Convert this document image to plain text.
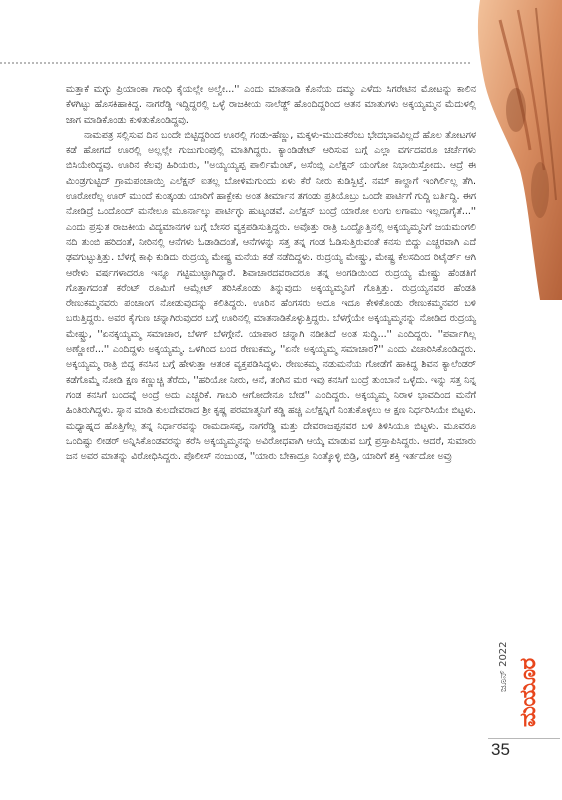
ಮತ್ತಾಕೆ ಮಗ್ಳು ಪ್ರಿಯಾಂಕಾ ಗಾಂಧಿ ಕೈಯಲ್ಲೇ ಅಲ್ವೇ...'' ಎಂದು ಮಾತನಾಡಿ ಕೊನೆಯ ದಮ್ಮು ಎಳೆದು ಸಿಗರೇಟಿನ ಮೋಟನ್ನು ಕಾಲಿನ ಕೆಳಗಿಟ್ಟು ಹೊಸಕಿಹಾಕಿದ್ದ. ನಾಗರೆಡ್ಡಿ ಇದ್ದಿದ್ದರಲ್ಲಿ ಒಳ್ಳೆ ರಾಜಕೀಯ ನಾಲೆಡ್ಜ್ ಹೊಂದಿದ್ದರಿಂದ ಆತನ ಮಾತುಗಳು ಅಕ್ಕಯ್ಯಮ್ಮನ ಮೆದುಳಲ್ಲಿ ಜಾಗ ಮಾಡಿಕೊಂಡು ಕುಳಿತುಕೊಂಡಿದ್ದವು.

ನಾಮಪತ್ರ ಸಲ್ಲಿಸುವ ದಿನ ಬಂದೇ ಬಿಟ್ಟಿದ್ದರಿಂದ ಊರಲ್ಲಿ ಗಂಡು-ಹೆಣ್ಣು, ಮಕ್ಕಳು-ಮುದುಕರೆಂಬ ಭೇದಭಾವವಿಲ್ಲದೆ ಹೊಲ ತೋಟಗಳ ಕಡೆ ಹೋಗದೆ ಊರಲ್ಲಿ ಅಲ್ಲಲ್ಲೇ ಗುಜುಗುಂಪುಲ್ಲಿ ಮಾತಿಗಿದ್ದರು. ಕ್ಯಾಂಡಿಡೇಟ್ ಆರಿಸುವ ಬಗ್ಗೆ ಎಲ್ಲಾ ವರ್ಗದವರೂ ಚರ್ಚೆಗಳು ಬಿಸಿಯೇರಿದ್ದವು. ಊರಿನ ಕೆಲವು ಹಿರಿಯರು, ''ಅಯ್ಯಯ್ಯಪ್ಪ ಪಾರ್ಲಿಮೆಂಟ್, ಅಸೆಂಬ್ಲಿ ಎಲೆಕ್ಷನ್ ಯಂಗೋ ನಿಭಾಯಿಸ್ತೋದು. ಆದ್ರೆ ಈ ಮಿಂಡ್ರಗುಟ್ಟಿದ್ ಗ್ರಾಮಪಂಚಾಯ್ತಿ ಎಲೆಕ್ಷನ್ ಐತಲ್ಲ ಬೋಳಿಮಗುಂದು ಏಳು ಕೆರೆ ನೀರು ಕುಡಿಸ್ಬಿಟ್ತೆ. ನಮ್ ಕಾಲ್ದಾಗೆ ಇಂಗಿರ್ಲಿಲ್ಲ ತೆಗಿ. ಊರೋರೆಲ್ಲ ಊರ್ ಮುಂದೆ ಕುಂತ್ಕಂಡು ಯಾರಿಗೆ ಹಾಕ್ಬೇಕು ಅಂತ ತೀರ್ಮಾನ ತಗಂಡು ಪ್ರತಿಯೊಬ್ರು ಒಂದೇ ಪಾರ್ಟಿಗೆ ಗುದ್ದಿ ಬರ್ತಿದ್ದಿ. ಈಗ ನೋಡಿದ್ರೆ ಒಂದೊಂದ್ ಮನೇಲೂ ಮೂರ್ನಾಲ್ಕು ಪಾರ್ಟಿಗ್ಳು ಹುಟ್ಕಂಡವೆ. ಎಲೆಕ್ಷನ್ ಬಂದ್ರೆ ಯಾರೋ ಲಂಗು ಲಗಾಮು ಇಲ್ಲದಾಗೈತೆ...'' ಎಂದು ಪ್ರಸ್ತುತ ರಾಜಕೀಯ ವಿದ್ಯಮಾನಗಳ ಬಗ್ಗೆ ಬೇಸರ ವ್ಯಕ್ತಪಡಿಸುತ್ತಿದ್ದರು. ಅವೊತ್ತು ರಾತ್ರಿ ಒಂದ್ಹೊತ್ತಿನಲ್ಲಿ ಅಕ್ಕಯ್ಯಮ್ಮನಿಗೆ ಜಯಮಂಗಲಿ ನದಿ ತುಂಬಿ ಹರಿದಂತೆ, ನೀರಿನಲ್ಲಿ ಆನೆಗಳು ಓಡಾಡಿದಂತೆ, ಆನೆಗಳನ್ನು ಸತ್ತ ತನ್ನ ಗಂಡ ಓಡಿಸುತ್ತಿರುವಂತೆ ಕನಸು ಬಿದ್ದು ಎಚ್ಚರವಾಗಿ ಎದೆ ಢವಗುಟ್ಟುತ್ತಿತ್ತು. ಬೆಳಗ್ಗೆ ಕಾಫಿ ಕುಡಿದು ರುದ್ರಯ್ಯ ಮೇಷ್ಟ್ರ ಮನೆಯ ಕಡೆ ನಡೆದಿದ್ದಳು. ರುದ್ರಯ್ಯ ಮೇಷ್ಟ್ರು, ಮೇಷ್ಟ್ರ ಕೆಲಸದಿಂದ ರಿಟೈರ್ಡ್ ಆಗಿ ಆರೇಳು ವರ್ಷಗಳಾದರೂ ಇನ್ನೂ ಗಟ್ಟಿಮುಟ್ಟಾಗಿದ್ದಾರೆ. ಶಿವಾಚಾರದವರಾದರೂ ತನ್ನ ಅಂಗಡಿಯಿಂದ ರುದ್ರಯ್ಯ ಮೇಷ್ಟ್ರು ಹೆಂಡತಿಗೆ ಗೊತ್ತಾಗದಂತೆ ಕರೆಂಟ್ ರೂಮಿಗೆ ಆಮ್ಲೇಟ್ ತರಿಸಿಕೊಂಡು ತಿನ್ನುವುದು ಅಕ್ಕಯ್ಯಮ್ಮನಿಗೆ ಗೊತ್ತಿತ್ತು. ರುದ್ರಯ್ಯನವರ ಹೆಂಡತಿ ರೇಣುಕಮ್ಮನವರು ಪಂಚಾಂಗ ನೋಡುವುದನ್ನು ಕಲಿತಿದ್ದರು. ಊರಿನ ಹೆಂಗಸರು ಅದೂ ಇದೂ ಕೇಳಿಕೊಂಡು ರೇಣುಕಮ್ಮನವರ ಬಳಿ ಬರುತ್ತಿದ್ದರು. ಅವರ ಕೈಗುಣ ಚನ್ನಾಗಿರುವುದರ ಬಗ್ಗೆ ಊರಿನಲ್ಲಿ ಮಾತನಾಡಿಕೊಳ್ಳುತ್ತಿದ್ದರು. ಬೆಳಗ್ಗೆಯೇ ಅಕ್ಕಯ್ಯಮ್ಮನನ್ನು ನೋಡಿದ ರುದ್ರಯ್ಯ ಮೇಷ್ಟ್ರು, ''ಏನಕ್ಕಯ್ಯಮ್ಮ ಸಮಾಚಾರ, ಬೆಳಗ್ ಬೆಳಗ್ಗೇನೆ. ಯಾಪಾರ ಚನ್ನಾಗಿ ನಡೀತಿದೆ ಅಂತ ಸುದ್ದಿ...'' ಎಂದಿದ್ದರು. ''ಪರ್ವಾಗಿಲ್ಲ ಅಣ್ಣೋರೆ...'' ಎಂದಿದ್ದಳು ಅಕ್ಕಯ್ಯಮ್ಮ. ಒಳಗಿಂದ ಬಂದ ರೇಣುಕಮ್ಮ, ''ಏನೇ ಅಕ್ಕಯ್ಯಮ್ಮ ಸಮಾಚಾರ?'' ಎಂದು ವಿಚಾರಿಸಿಕೊಂಡಿದ್ದರು. ಅಕ್ಕಯ್ಯಮ್ಮ ರಾತ್ರಿ ಬಿದ್ದ ಕನಸಿನ ಬಗ್ಗೆ ಹೇಳುತ್ತಾ ಆತಂಕ ವ್ಯಕ್ತಪಡಿಸಿದ್ದಳು. ರೇಣುಕಮ್ಮ ನಡುಮನೆಯ ಗೋಡೆಗೆ ಹಾಕಿದ್ದ ಶಿವನ ಕ್ಯಾಲೆಂಡರ್ ಕಡೆಗೊಮ್ಮೆ ನೋಡಿ ಕ್ಷಣ ಕಣ್ಣುಚ್ಚಿ ತೆರೆದು, ''ಹರಿಯೋ ನೀರು, ಆನೆ, ತಂಗಿನ ಮರ ಇವು ಕನಸಿಗೆ ಬಂದ್ರೆ ತುಂಬಾನೆ ಒಳ್ಳೆದು. ಇನ್ನು ಸತ್ತ ನಿನ್ನ ಗಂಡ ಕನಸಿಗೆ ಬಂದವ್ನೆ ಅಂದ್ರೆ ಅದು ಎಚ್ಚರಿಕೆ. ಗಾಬರಿ ಆಗೋದೇನೂ ಬೇಡ'' ಎಂದಿದ್ದರು. ಅಕ್ಕಯ್ಯಮ್ಮ ನಿರಾಳ ಭಾವದಿಂದ ಮನೆಗೆ ಹಿಂತಿರುಗಿದ್ದಳು. ಸ್ನಾನ ಮಾಡಿ ಕುಲದೇವರಾದ ಶ್ರೀ ಕೃಷ್ಣ ಪರಮಾತ್ಮನಿಗೆ ಕಡ್ಡಿ ಹಚ್ಚಿ ಎಲೆಕ್ಷನ್ನಿಗೆ ನಿಂತುಕೊಳ್ಳಲು ಆ ಕ್ಷಣ ನಿರ್ಧರಿಸಿಯೇ ಬಿಟ್ಟಳು. ಮಧ್ಯಾಹ್ನದ ಹೊತ್ತಿಗೆಲ್ಲ ತನ್ನ ನಿರ್ಧಾರವನ್ನು ರಾಮದಾಸಪ್ಪ, ನಾಗರೆಡ್ಡಿ ಮತ್ತು ದೇವರಾಜಪ್ಪನವರ ಬಳಿ ತಿಳಿಸಿಯೂ ಬಿಟ್ಟಳು. ಮೂವರೂ ಒಂದಿಷ್ಟು ಲೀಡರ್ ಅನ್ನಿಸಿಕೊಂಡವರನ್ನು ಕರೆಸಿ ಅಕ್ಕಯ್ಯಮ್ಮನನ್ನು ಅವಿರೋಧವಾಗಿ ಆಯ್ಕೆ ಮಾಡುವ ಬಗ್ಗೆ ಪ್ರಸ್ತಾಪಿಸಿದ್ದರು. ಆದರೆ, ಸುಮಾರು ಜನ ಅವರ ಮಾತನ್ನು ವಿರೋಧಿಸಿದ್ದರು. ಪೊಲೀಸ್ ನಂಜುಂಡ, ''ಯಾರು ಬೇಕಾದ್ರೂ ನಿಂತ್ಕೊಳ್ಳಿ ಬಿಡ್ರಿ, ಯಾರಿಗೆ ಶಕ್ತಿ ಇರ್ತದೋ ಅವ್ರು

ಮಯೂರ
ಜೂನ್ 2022
35
